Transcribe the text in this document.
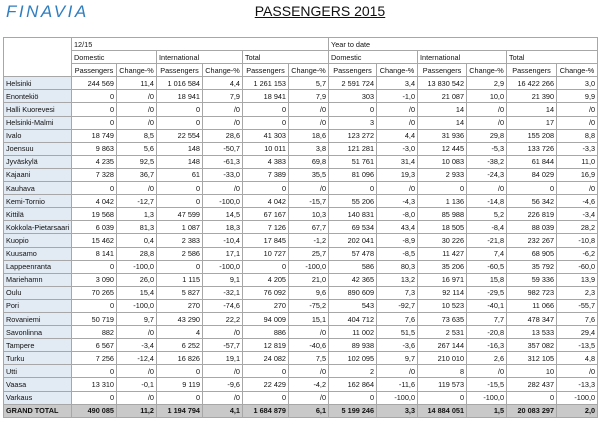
FINAVIA	PASSENGERS 2015
	12/15						Year to date					
	Domestic		International		Total		Domestic		International		Total	
	Passengers	Change-%	Passengers	Change-%	Passengers	Change-%	Passengers	Change-%	Passengers	Change-%	Passengers	Change-%
Helsinki	244 569	11,4	1 016 584	4,4	1 261 153	5,7	2 591 724	3,4	13 830 542	2,9	16 422 266	3,0
Enontekiö	0	/0	18 941	7,9	18 941	7,9	303	-1,0	21 087	10,0	21 390	9,9
Halli Kuorevesi	0	/0	0	/0	0	/0	0	/0	14	/0	14	/0
Helsinki-Malmi	0	/0	0	/0	0	/0	3	/0	14	/0	17	/0
Ivalo	18 749	8,5	22 554	28,6	41 303	18,6	123 272	4,4	31 936	29,8	155 208	8,8
Joensuu	9 863	5,6	148	-50,7	10 011	3,8	121 281	-3,0	12 445	-5,3	133 726	-3,3
Jyväskylä	4 235	92,5	148	-61,3	4 383	69,8	51 761	31,4	10 083	-38,2	61 844	11,0
Kajaani	7 328	36,7	61	-33,0	7 389	35,5	81 096	19,3	2 933	-24,3	84 029	16,9
Kauhava	0	/0	0	/0	0	/0	0	/0	0	/0	0	/0
Kemi-Tornio	4 042	-12,7	0	-100,0	4 042	-15,7	55 206	-4,3	1 136	-14,8	56 342	-4,6
Kittilä	19 568	1,3	47 599	14,5	67 167	10,3	140 831	-8,0	85 988	5,2	226 819	-3,4
Kokkola-Pietarsaari	6 039	81,3	1 087	18,3	7 126	67,7	69 534	43,4	18 505	-8,4	88 039	28,2
Kuopio	15 462	0,4	2 383	-10,4	17 845	-1,2	202 041	-8,9	30 226	-21,8	232 267	-10,8
Kuusamo	8 141	28,8	2 586	17,1	10 727	25,7	57 478	-8,5	11 427	7,4	68 905	-6,2
Lappeenranta	0	-100,0	0	-100,0	0	-100,0	586	80,3	35 206	-60,5	35 792	-60,0
Mariehamn	3 090	26,0	1 115	9,1	4 205	21,0	42 365	13,2	16 971	15,8	59 336	13,9
Oulu	70 265	15,4	5 827	-32,1	76 092	9,6	890 609	7,3	92 114	-29,5	982 723	2,3
Pori	0	-100,0	270	-74,6	270	-75,2	543	-92,7	10 523	-40,1	11 066	-55,7
Rovaniemi	50 719	9,7	43 290	22,2	94 009	15,1	404 712	7,6	73 635	7,7	478 347	7,6
Savonlinna	882	/0	4	/0	886	/0	11 002	51,5	2 531	-20,8	13 533	29,4
Tampere	6 567	-3,4	6 252	-57,7	12 819	-40,6	89 938	-3,6	267 144	-16,3	357 082	-13,5
Turku	7 256	-12,4	16 826	19,1	24 082	7,5	102 095	9,7	210 010	2,6	312 105	4,8
Utti	0	/0	0	/0	0	/0	2	/0	8	/0	10	/0
Vaasa	13 310	-0,1	9 119	-9,6	22 429	-4,2	162 864	-11,6	119 573	-15,5	282 437	-13,3
Varkaus	0	/0	0	/0	0	/0	0	-100,0	0	-100,0	0	-100,0
GRAND TOTAL	490 085	11,2	1 194 794	4,1	1 684 879	6,1	5 199 246	3,3	14 884 051	1,5	20 083 297	2,0
